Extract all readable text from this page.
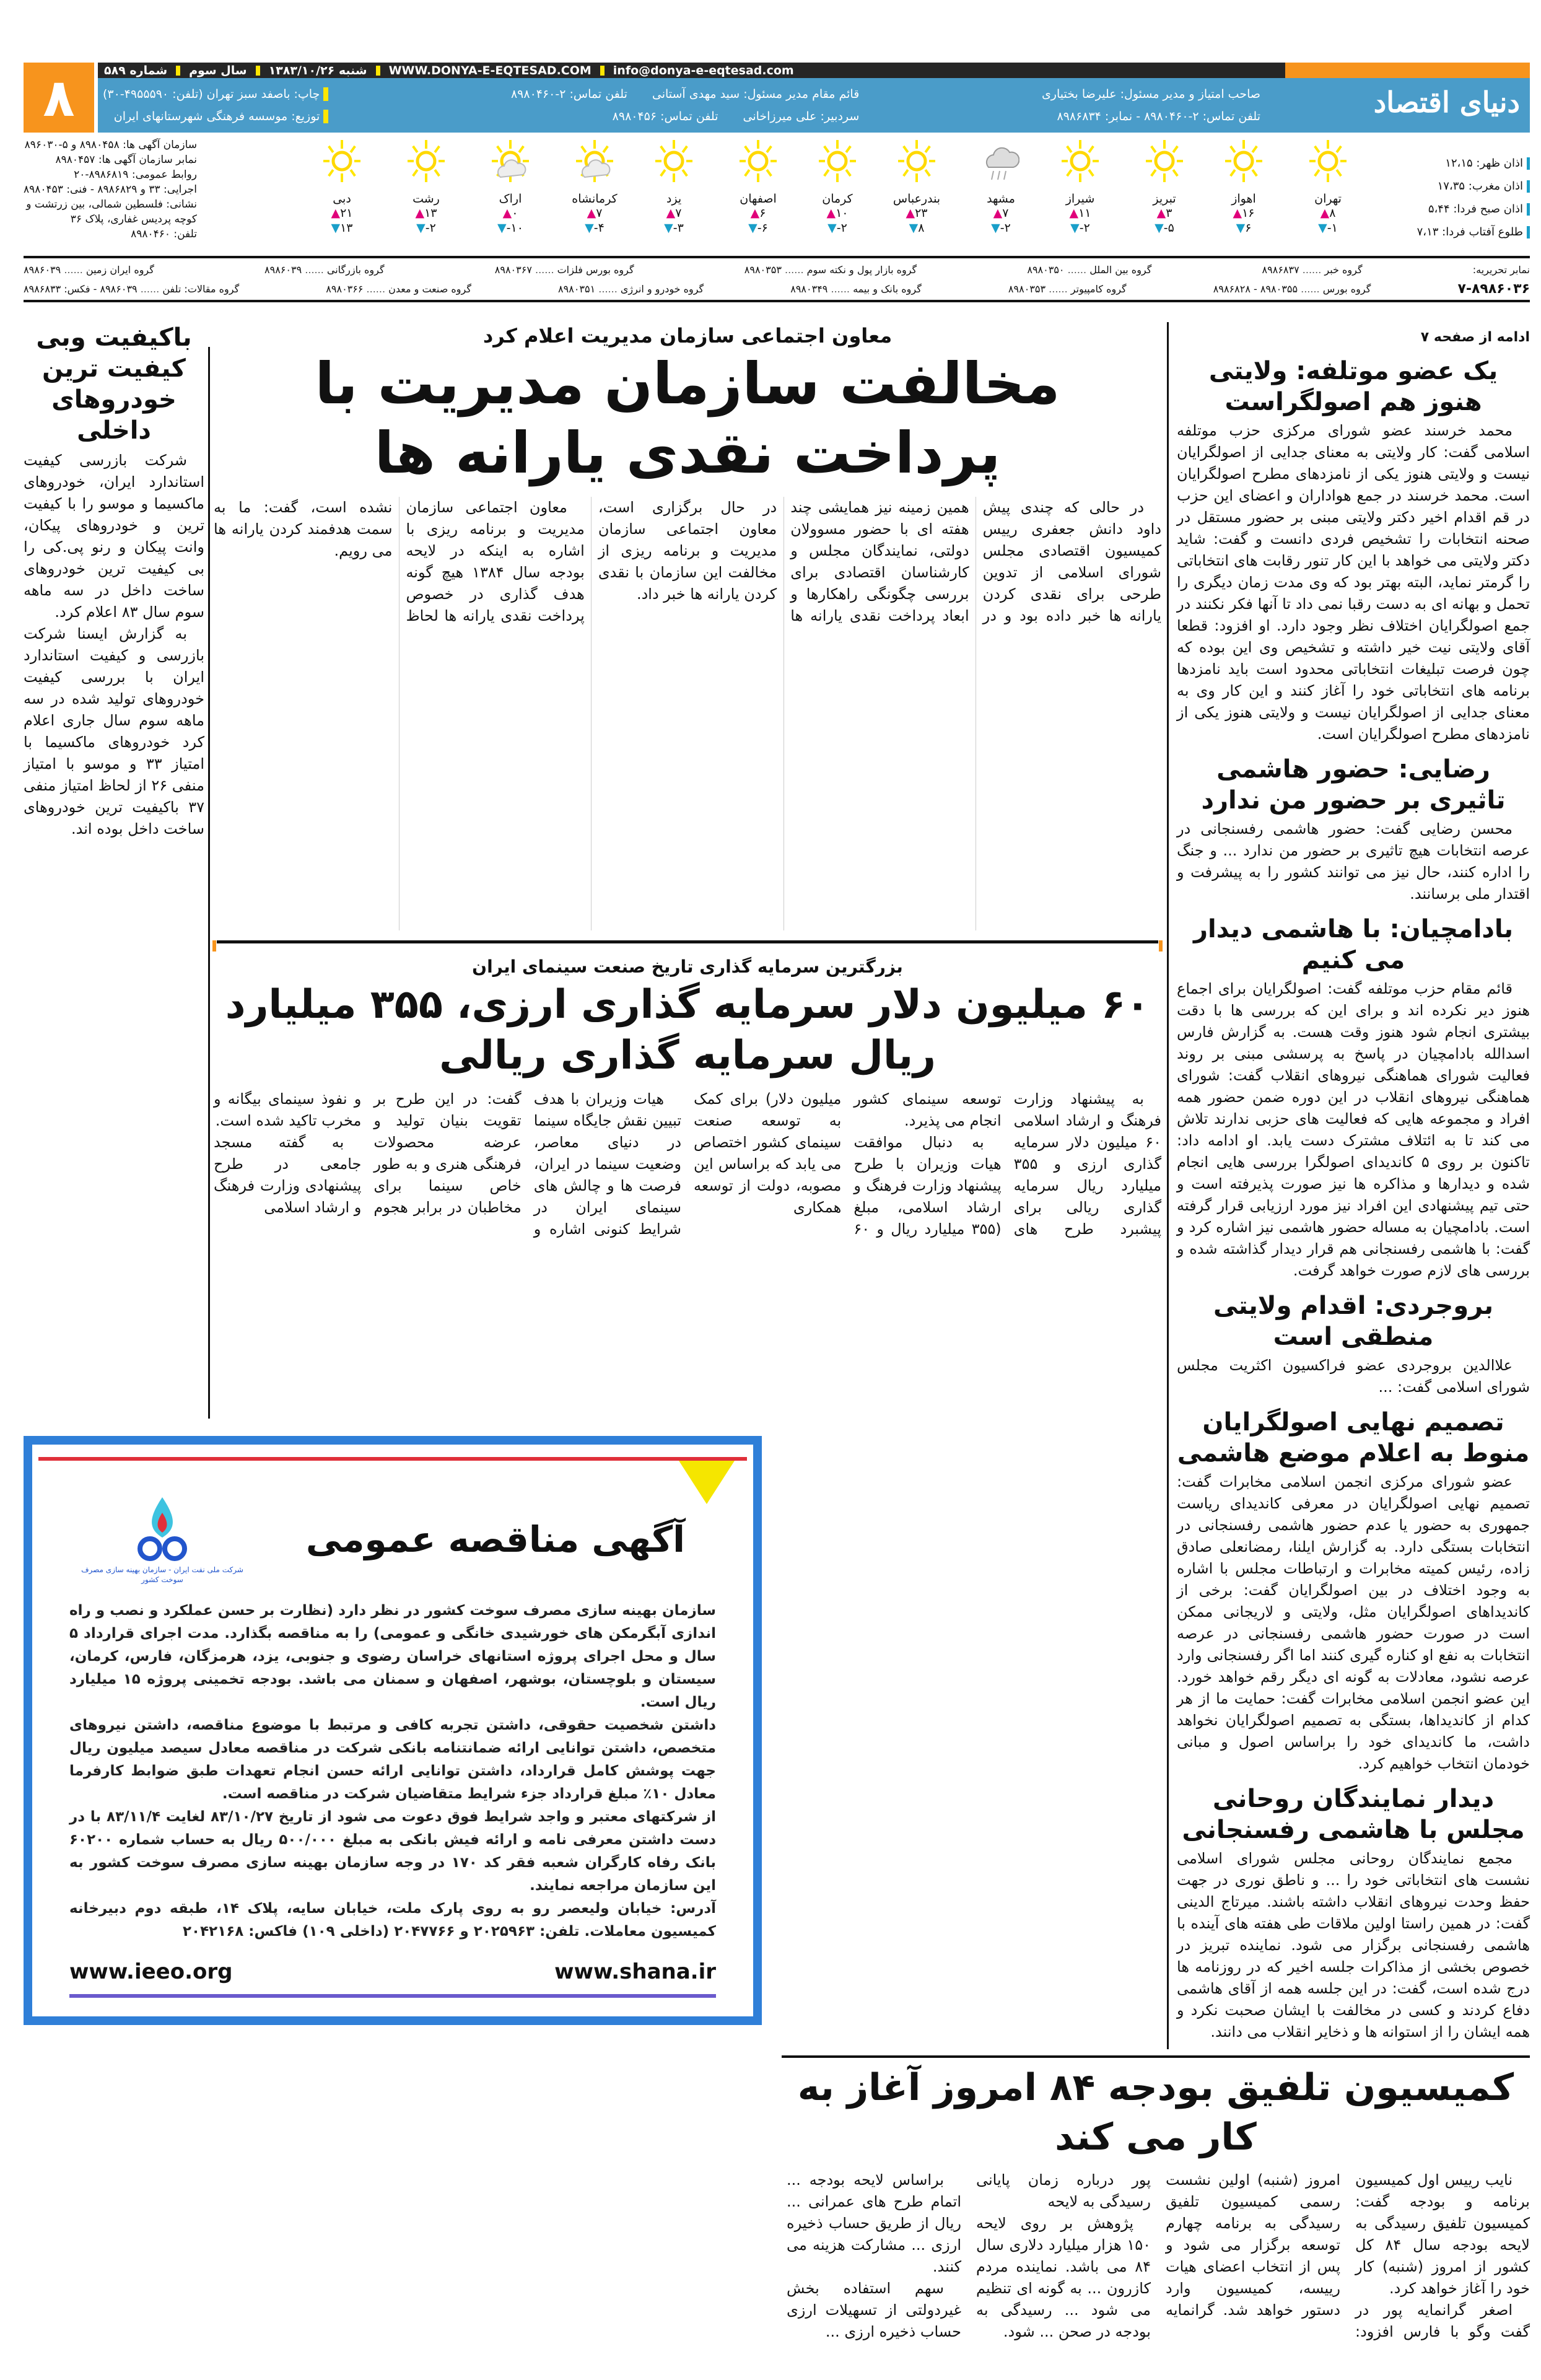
۸	شماره ۵۸۹ سال سوم شنبه ۱۳۸۳/۱۰/۲۶ WWW.DONYA-E-EQTESAD.COM info@donya-e-eqtesad.com
صاحب امتیاز و مدیر مسئول: علیرضا بختیاری
تلفن تماس: ۲-۸۹۸۰۴۶۰ - نمابر: ۸۹۸۶۸۳۴
قائم مقام مدیر مسئول: سید مهدی آستانی
تلفن تماس: ۲-۸۹۸۰۴۶۰
سردبیر: علی میرزاخانی
تلفن تماس: ۸۹۸۰۴۵۶
چاپ: باصفد سبز تهران (تلفن: ۴۹۵۵۵۹۰-۳۰)
توزیع: موسسه فرهنگی شهرستانهای ایران	دنیای اقتصاد
سازمان آگهی ها: ۸۹۸۰۴۵۸ و ۵-۸۹۶۰۳۰
نمابر سازمان آگهی ها: ۸۹۸۰۴۵۷
روابط عمومی: ۸۹۸۶۸۱۹-۲۰
اجرایی: ۳۳ و ۸۹۸۶۸۲۹ - فنی: ۸۹۸۰۴۵۳
نشانی: فلسطین شمالی، بین زرتشت و
کوچه پردیس غفاری، پلاک ۳۶
تلفن: ۸۹۸۰۴۶۰
تهران
▲۸
▼-۱
اهواز
▲۱۶
▼۶
تبریز
▲۳
▼-۵
شیراز
▲۱۱
▼-۲
مشهد
▲۷
▼-۲
بندرعباس
▲۲۳
▼۸
کرمان
▲۱۰
▼-۲
اصفهان
▲۶
▼-۶
یزد
▲۷
▼-۳
کرمانشاه
▲۷
▼-۴
اراک
▲۰
▼-۱۰
رشت
▲۱۳
▼-۲
دبی
▲۲۱
▼۱۳
اذان ظهر: ۱۲،۱۵
اذان مغرب: ۱۷،۳۵
اذان صبح فردا: ۵،۴۴
طلوع آفتاب فردا: ۷،۱۳
نمابر تحریریه:
گروه خبر ...... ۸۹۸۶۸۳۷
گروه بین الملل ...... ۸۹۸۰۳۵۰
گروه بازار پول و نکته سوم ...... ۸۹۸۰۳۵۳
گروه بورس فلزات ...... ۸۹۸۰۳۶۷
گروه بازرگانی ...... ۸۹۸۶۰۳۹
گروه ایران زمین ...... ۸۹۸۶۰۳۹
۷-۸۹۸۶۰۳۶
گروه بورس ...... ۸۹۸۰۳۵۵ - ۸۹۸۶۸۲۸
گروه کامپیوتر ...... ۸۹۸۰۳۵۳
گروه بانک و بیمه ...... ۸۹۸۰۳۴۹
گروه خودرو و انرژی ...... ۸۹۸۰۳۵۱
گروه صنعت و معدن ...... ۸۹۸۰۳۶۶
گروه مقالات: تلفن ...... ۸۹۸۶۰۳۹ - فکس: ۸۹۸۶۸۳۳
باکیفیت وبی کیفیت ترین خودروهای داخلی

شرکت بازرسی کیفیت استاندارد ایران، خودروهای ماکسیما و موسو را با کیفیت ترین و خودروهای پیکان، وانت پیکان و رنو پی.کی را بی کیفیت ترین خودروهای ساخت داخل در سه ماهه سوم سال ۸۳ اعلام کرد.

به گزارش ایسنا شرکت بازرسی و کیفیت استاندارد ایران با بررسی کیفیت خودروهای تولید شده در سه ماهه سوم سال جاری اعلام کرد خودروهای ماکسیما با امتیاز ۳۳ و موسو با امتیاز منفی ۲۶ از لحاظ امتیاز منفی ۳۷ باکیفیت ترین خودروهای ساخت داخل بوده اند.

معاون اجتماعی سازمان مدیریت اعلام کرد
مخالفت سازمان مدیریت با پرداخت نقدی یارانه ها

در حالی که چندی پیش داود دانش جعفری رییس کمیسیون اقتصادی مجلس شورای اسلامی از تدوین طرحی برای نقدی کردن یارانه ها خبر داده بود و در همین زمینه نیز همایشی چند هفته ای با حضور مسوولان دولتی، نمایندگان مجلس و کارشناسان اقتصادی برای بررسی چگونگی راهکارها و ابعاد پرداخت نقدی یارانه ها در حال برگزاری است، معاون اجتماعی سازمان مدیریت و برنامه ریزی از مخالفت این سازمان با نقدی کردن یارانه ها خبر داد.

معاون اجتماعی سازمان مدیریت و برنامه ریزی با اشاره به اینکه در لایحه بودجه سال ۱۳۸۴ هیچ گونه هدف گذاری در خصوص پرداخت نقدی یارانه ها لحاظ نشده است، گفت: ما به سمت هدفمند کردن یارانه ها می رویم.

بزرگترین سرمایه گذاری تاریخ صنعت سینمای ایران
۶۰ میلیون دلار سرمایه گذاری ارزی، ۳۵۵ میلیارد ریال سرمایه گذاری ریالی

به پیشنهاد وزارت فرهنگ و ارشاد اسلامی ۶۰ میلیون دلار سرمایه گذاری ارزی و ۳۵۵ میلیارد ریال سرمایه گذاری ریالی برای پیشبرد طرح های توسعه سینمای کشور انجام می پذیرد.

به دنبال موافقت هیات وزیران با طرح پیشنهاد وزارت فرهنگ و ارشاد اسلامی، مبلغ (۳۵۵ میلیارد ریال و ۶۰ میلیون دلار) برای کمک به توسعه صنعت سینمای کشور اختصاص می یابد که براساس این مصوبه، دولت از توسعه همکاری

هیات وزیران با هدف تبیین نقش جایگاه سینما در دنیای معاصر، وضعیت سینما در ایران، فرصت ها و چالش های سینمای ایران در شرایط کنونی اشاره و گفت: در این طرح بر تقویت بنیان تولید و عرضه محصولات فرهنگی هنری و به طور خاص سینما برای مخاطبان در برابر هجوم و نفوذ سینمای بیگانه و مخرب تاکید شده است.

به گفته مسجد جامعی در طرح پیشنهادی وزارت فرهنگ و ارشاد اسلامی

شرکت ملی نفت ایران - سازمان بهینه سازی مصرف سوخت کشور
آگهی مناقصه عمومی

سازمان بهینه سازی مصرف سوخت کشور در نظر دارد (نظارت بر حسن عملکرد و نصب و راه اندازی آبگرمکن های خورشیدی خانگی و عمومی) را به مناقصه بگذارد. مدت اجرای قرارداد ۵ سال و محل اجرای پروژه استانهای خراسان رضوی و جنوبی، یزد، هرمزگان، فارس، کرمان، سیستان و بلوچستان، بوشهر، اصفهان و سمنان می باشد. بودجه تخمینی پروژه ۱۵ میلیارد ریال است.

داشتن شخصیت حقوقی، داشتن تجربه کافی و مرتبط با موضوع مناقصه، داشتن نیروهای متخصص، داشتن توانایی ارائه ضمانتنامه بانکی شرکت در مناقصه معادل سیصد میلیون ریال جهت پوشش کامل قرارداد، داشتن توانایی ارائه حسن انجام تعهدات طبق ضوابط کارفرما معادل ۱۰٪ مبلغ قرارداد جزء شرایط متقاضیان شرکت در مناقصه است.

از شرکتهای معتبر و واجد شرایط فوق دعوت می شود از تاریخ ۸۳/۱۰/۲۷ لغایت ۸۳/۱۱/۴ با در دست داشتن معرفی نامه و ارائه فیش بانکی به مبلغ ۵۰۰/۰۰۰ ریال به حساب شماره ۶۰۲۰۰ بانک رفاه کارگران شعبه فقر کد ۱۷۰ در وجه سازمان بهینه سازی مصرف سوخت کشور به این سازمان مراجعه نمایند.

آدرس: خیابان ولیعصر رو به روی پارک ملت، خیابان سایه، پلاک ۱۴، طبقه دوم دبیرخانه کمیسیون معاملات. تلفن: ۲۰۲۵۹۶۳ و ۲۰۴۷۷۶۶ (داخلی ۱۰۹) فاکس: ۲۰۴۲۱۶۸

www.ieeo.org	www.shana.ir
ادامه از صفحه ۷
یک عضو موتلفه: ولایتی هنوز هم اصولگراست

محمد خرسند عضو شورای مرکزی حزب موتلفه اسلامی گفت: کار ولایتی به معنای جدایی از اصولگرایان نیست و ولایتی هنوز یکی از نامزدهای مطرح اصولگرایان است. محمد خرسند در جمع هواداران و اعضای این حزب در قم اقدام اخیر دکتر ولایتی مبنی بر حضور مستقل در صحنه انتخابات را تشخیص فردی دانست و گفت: شاید دکتر ولایتی می خواهد با این کار تنور رقابت های انتخاباتی را گرمتر نماید، البته بهتر بود که وی مدت زمان دیگری را تحمل و بهانه ای به دست رقبا نمی داد تا آنها فکر نکنند در جمع اصولگرایان اختلاف نظر وجود دارد. او افزود: قطعا آقای ولایتی نیت خیر داشته و تشخیص وی این بوده که چون فرصت تبلیغات انتخاباتی محدود است باید نامزدها برنامه های انتخاباتی خود را آغاز کنند و این کار وی به معنای جدایی از اصولگرایان نیست و ولایتی هنوز یکی از نامزدهای مطرح اصولگرایان است.

رضایی: حضور هاشمی تاثیری بر حضور من ندارد

محسن رضایی گفت: حضور هاشمی رفسنجانی در عرصه انتخابات هیچ تاثیری بر حضور من ندارد ... و جنگ را اداره کنند، حال نیز می توانند کشور را به پیشرفت و اقتدار ملی برسانند.

بادامچیان: با هاشمی دیدار می کنیم

قائم مقام حزب موتلفه گفت: اصولگرایان برای اجماع هنوز دیر نکرده اند و برای این که بررسی ها با دقت بیشتری انجام شود هنوز وقت هست. به گزارش فارس اسدالله بادامچیان در پاسخ به پرسشی مبنی بر روند فعالیت شورای هماهنگی نیروهای انقلاب گفت: شورای هماهنگی نیروهای انقلاب در این دوره ضمن حضور همه افراد و مجموعه هایی که فعالیت های حزبی ندارند تلاش می کند تا به ائتلاف مشترک دست یابد. او ادامه داد: تاکنون بر روی ۵ کاندیدای اصولگرا بررسی هایی انجام شده و دیدارها و مذاکره ها نیز صورت پذیرفته است و حتی تیم پیشنهادی این افراد نیز مورد ارزیابی قرار گرفته است. بادامچیان به مساله حضور هاشمی نیز اشاره کرد و گفت: با هاشمی رفسنجانی هم قرار دیدار گذاشته شده و بررسی های لازم صورت خواهد گرفت.

بروجردی: اقدام ولایتی منطقی است

علاالدین بروجردی عضو فراکسیون اکثریت مجلس شورای اسلامی گفت: ...

تصمیم نهایی اصولگرایان منوط به اعلام موضع هاشمی

عضو شورای مرکزی انجمن اسلامی مخابرات گفت: تصمیم نهایی اصولگرایان در معرفی کاندیدای ریاست جمهوری به حضور یا عدم حضور هاشمی رفسنجانی در انتخابات بستگی دارد. به گزارش ایلنا، رمضانعلی صادق زاده، رئیس کمیته مخابرات و ارتباطات مجلس با اشاره به وجود اختلاف در بین اصولگرایان گفت: برخی از کاندیداهای اصولگرایان مثل، ولایتی و لاریجانی ممکن است در صورت حضور هاشمی رفسنجانی در عرصه انتخابات به نفع او کناره گیری کنند اما اگر رفسنجانی وارد عرصه نشود، معادلات به گونه ای دیگر رقم خواهد خورد. این عضو انجمن اسلامی مخابرات گفت: حمایت ما از هر کدام از کاندیداها، بستگی به تصمیم اصولگرایان نخواهد داشت، ما کاندیدای خود را براساس اصول و مبانی خودمان انتخاب خواهیم کرد.

دیدار نمایندگان روحانی مجلس با هاشمی رفسنجانی

مجمع نمایندگان روحانی مجلس شورای اسلامی نشست های انتخاباتی خود را ... و ناطق نوری در جهت حفظ وحدت نیروهای انقلاب داشته باشند. میرتاج الدینی گفت: در همین راستا اولین ملاقات طی هفته های آینده با هاشمی رفسنجانی برگزار می شود. نماینده تبریز در خصوص بخشی از مذاکرات جلسه اخیر که در روزنامه ها درج شده است، گفت: در این جلسه همه از آقای هاشمی دفاع کردند و کسی در مخالفت با ایشان صحبت نکرد و همه ایشان را از استوانه ها و ذخایر انقلاب می دانند.

کمیسیون تلفیق بودجه ۸۴ امروز آغاز به کار می کند

نایب رییس اول کمیسیون برنامه و بودجه گفت: کمیسیون تلفیق رسیدگی به لایحه بودجه سال ۸۴ کل کشور از امروز (شنبه) کار خود را آغاز خواهد کرد.

اصغر گرانمایه پور در گفت وگو با فارس افزود: امروز (شنبه) اولین نشست رسمی کمیسیون تلفیق رسیدگی به برنامه چهارم توسعه برگزار می شود و پس از انتخاب اعضای هیات رییسه، کمیسیون وارد دستور خواهد شد. گرانمایه پور درباره زمان پایانی رسیدگی به لایحه

پژوهش بر روی لایحه ۱۵۰ هزار میلیارد دلاری سال ۸۴ می باشد. نماینده مردم کازرون ... به گونه ای تنظیم می شود ... رسیدگی به بودجه در صحن ... شود.

براساس لایحه بودجه ... اتمام طرح های عمرانی ... ریال از طریق حساب ذخیره ارزی ... مشارکت هزینه می کنند.

سهم استفاده بخش غیردولتی از تسهیلات ارزی حساب ذخیره ارزی ...
